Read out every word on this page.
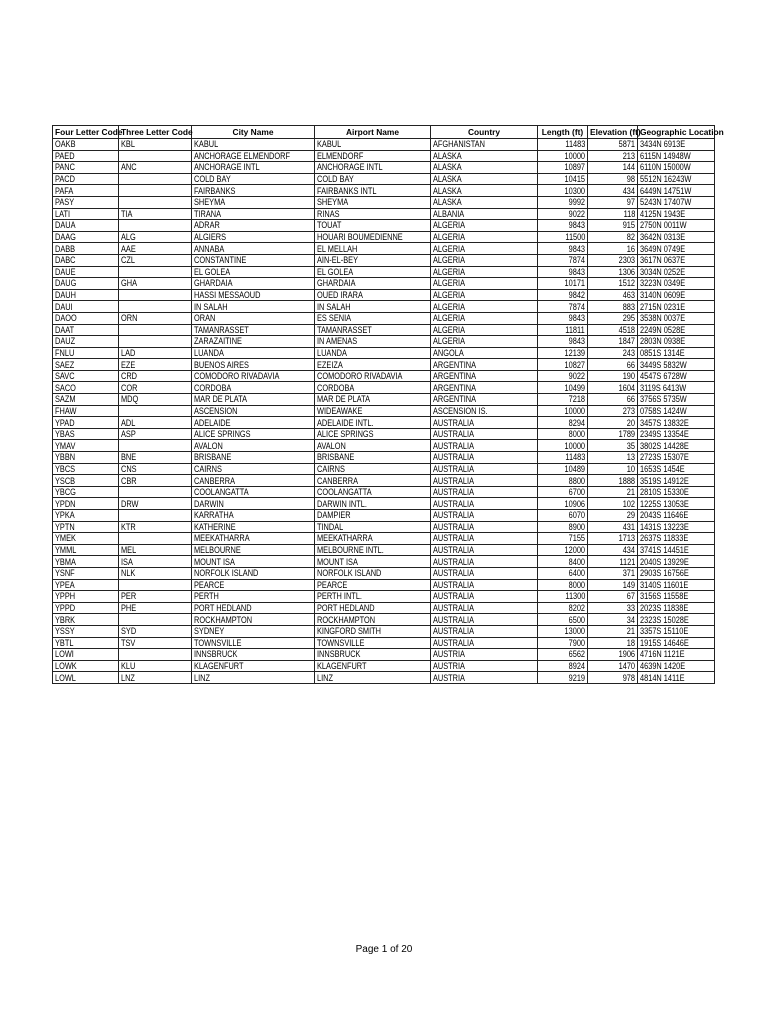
Four Letter Code	Three Letter Code	City Name	Airport Name	Country	Length (ft)	Elevation (ft)	Geographic Location
OAKB	KBL	KABUL	KABUL	AFGHANISTAN	11483	5871	3434N 6913E
PAED		ANCHORAGE ELMENDORF	ELMENDORF	ALASKA	10000	213	6115N 14948W
PANC	ANC	ANCHORAGE INTL	ANCHORAGE INTL	ALASKA	10897	144	6110N 15000W
PACD		COLD BAY	COLD BAY	ALASKA	10415	98	5512N 16243W
PAFA		FAIRBANKS	FAIRBANKS INTL	ALASKA	10300	434	6449N 14751W
PASY		SHEYMA	SHEYMA	ALASKA	9992	97	5243N 17407W
LATI	TIA	TIRANA	RINAS	ALBANIA	9022	118	4125N 1943E
DAUA		ADRAR	TOUAT	ALGERIA	9843	915	2750N 0011W
DAAG	ALG	ALGIERS	HOUARI BOUMEDIENNE	ALGERIA	11500	82	3642N 0313E
DABB	AAE	ANNABA	EL MELLAH	ALGERIA	9843	16	3649N 0749E
DABC	CZL	CONSTANTINE	AIN-EL-BEY	ALGERIA	7874	2303	3617N 0637E
DAUE		EL GOLEA	EL GOLEA	ALGERIA	9843	1306	3034N 0252E
DAUG	GHA	GHARDAIA	GHARDAIA	ALGERIA	10171	1512	3223N 0349E
DAUH		HASSI MESSAOUD	OUED IRARA	ALGERIA	9842	463	3140N 0609E
DAUI		IN SALAH	IN SALAH	ALGERIA	7874	883	2715N 0231E
DAOO	ORN	ORAN	ES SENIA	ALGERIA	9843	295	3538N 0037E
DAAT		TAMANRASSET	TAMANRASSET	ALGERIA	11811	4518	2249N 0528E
DAUZ		ZARAZAITINE	IN AMENAS	ALGERIA	9843	1847	2803N 0938E
FNLU	LAD	LUANDA	LUANDA	ANGOLA	12139	243	0851S 1314E
SAEZ	EZE	BUENOS AIRES	EZEIZA	ARGENTINA	10827	66	3449S 5832W
SAVC	CRD	COMODORO RIVADAVIA	COMODORO RIVADAVIA	ARGENTINA	9022	190	4547S 6728W
SACO	COR	CORDOBA	CORDOBA	ARGENTINA	10499	1604	3119S 6413W
SAZM	MDQ	MAR DE PLATA	MAR DE PLATA	ARGENTINA	7218	66	3756S 5735W
FHAW		ASCENSION	WIDEAWAKE	ASCENSION IS.	10000	273	0758S 1424W
YPAD	ADL	ADELAIDE	ADELAIDE INTL.	AUSTRALIA	8294	20	3457S 13832E
YBAS	ASP	ALICE SPRINGS	ALICE SPRINGS	AUSTRALIA	8000	1789	2349S 13354E
YMAV		AVALON	AVALON	AUSTRALIA	10000	35	3802S 14428E
YBBN	BNE	BRISBANE	BRISBANE	AUSTRALIA	11483	13	2723S 15307E
YBCS	CNS	CAIRNS	CAIRNS	AUSTRALIA	10489	10	1653S 1454E
YSCB	CBR	CANBERRA	CANBERRA	AUSTRALIA	8800	1888	3519S 14912E
YBCG		COOLANGATTA	COOLANGATTA	AUSTRALIA	6700	21	2810S 15330E
YPDN	DRW	DARWIN	DARWIN INTL.	AUSTRALIA	10906	102	1225S 13053E
YPKA		KARRATHA	DAMPIER	AUSTRALIA	6070	29	2043S 11646E
YPTN	KTR	KATHERINE	TINDAL	AUSTRALIA	8900	431	1431S 13223E
YMEK		MEEKATHARRA	MEEKATHARRA	AUSTRALIA	7155	1713	2637S 11833E
YMML	MEL	MELBOURNE	MELBOURNE INTL.	AUSTRALIA	12000	434	3741S 14451E
YBMA	ISA	MOUNT ISA	MOUNT ISA	AUSTRALIA	8400	1121	2040S 13929E
YSNF	NLK	NORFOLK ISLAND	NORFOLK ISLAND	AUSTRALIA	6400	371	2903S 16756E
YPEA		PEARCE	PEARCE	AUSTRALIA	8000	149	3140S 11601E
YPPH	PER	PERTH	PERTH INTL.	AUSTRALIA	11300	67	3156S 11558E
YPPD	PHE	PORT HEDLAND	PORT HEDLAND	AUSTRALIA	8202	33	2023S 11838E
YBRK		ROCKHAMPTON	ROCKHAMPTON	AUSTRALIA	6500	34	2323S 15028E
YSSY	SYD	SYDNEY	KINGFORD SMITH	AUSTRALIA	13000	21	3357S 15110E
YBTL	TSV	TOWNSVILLE	TOWNSVILLE	AUSTRALIA	7900	18	1915S 14646E
LOWI		INNSBRUCK	INNSBRUCK	AUSTRIA	6562	1906	4716N 1121E
LOWK	KLU	KLAGENFURT	KLAGENFURT	AUSTRIA	8924	1470	4639N 1420E
LOWL	LNZ	LINZ	LINZ	AUSTRIA	9219	978	4814N 1411E
Page 1 of 20
